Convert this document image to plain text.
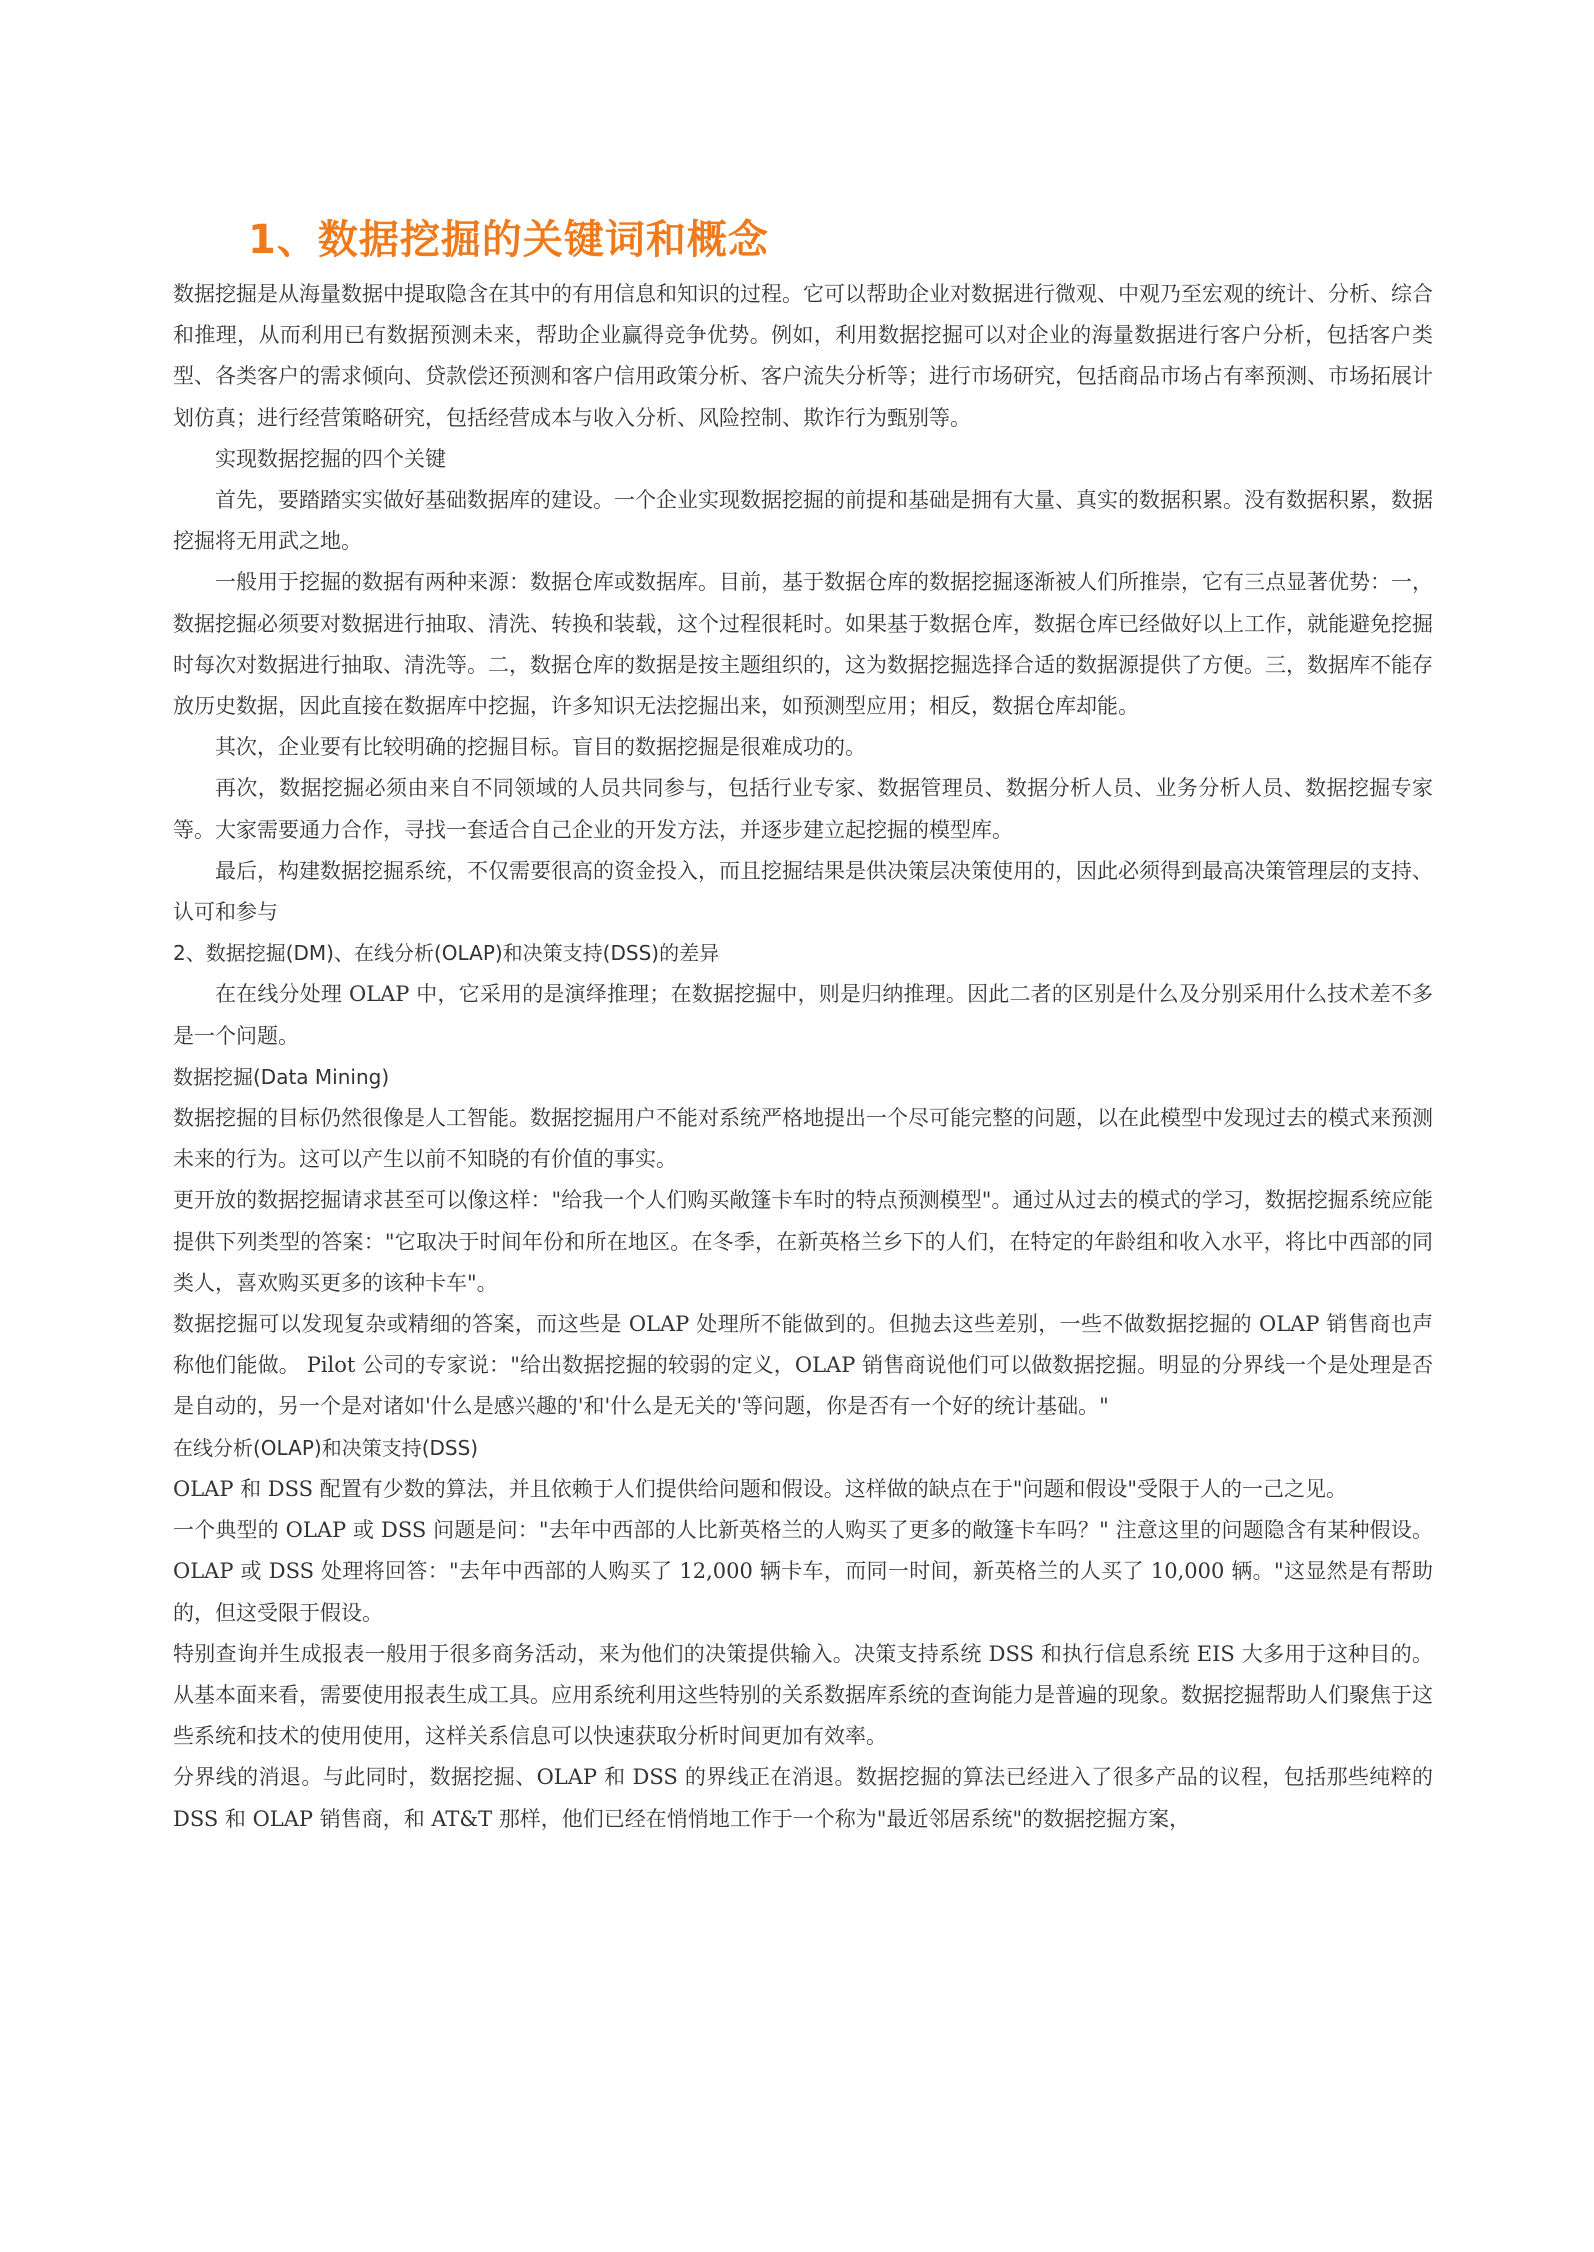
1、数据挖掘的关键词和概念

数据挖掘是从海量数据中提取隐含在其中的有用信息和知识的过程。它可以帮助企业对数据进行微观、中观乃至宏观的统计、分析、综合和推理，从而利用已有数据预测未来，帮助企业赢得竞争优势。例如，利用数据挖掘可以对企业的海量数据进行客户分析，包括客户类型、各类客户的需求倾向、贷款偿还预测和客户信用政策分析、客户流失分析等；进行市场研究，包括商品市场占有率预测、市场拓展计划仿真；进行经营策略研究，包括经营成本与收入分析、风险控制、欺诈行为甄别等。

实现数据挖掘的四个关键

首先，要踏踏实实做好基础数据库的建设。一个企业实现数据挖掘的前提和基础是拥有大量、真实的数据积累。没有数据积累，数据挖掘将无用武之地。

一般用于挖掘的数据有两种来源：数据仓库或数据库。目前，基于数据仓库的数据挖掘逐渐被人们所推崇，它有三点显著优势：一，数据挖掘必须要对数据进行抽取、清洗、转换和装载，这个过程很耗时。如果基于数据仓库，数据仓库已经做好以上工作，就能避免挖掘时每次对数据进行抽取、清洗等。二，数据仓库的数据是按主题组织的，这为数据挖掘选择合适的数据源提供了方便。三，数据库不能存放历史数据，因此直接在数据库中挖掘，许多知识无法挖掘出来，如预测型应用；相反，数据仓库却能。

其次，企业要有比较明确的挖掘目标。盲目的数据挖掘是很难成功的。

再次，数据挖掘必须由来自不同领域的人员共同参与，包括行业专家、数据管理员、数据分析人员、业务分析人员、数据挖掘专家等。大家需要通力合作，寻找一套适合自己企业的开发方法，并逐步建立起挖掘的模型库。

最后，构建数据挖掘系统，不仅需要很高的资金投入，而且挖掘结果是供决策层决策使用的，因此必须得到最高决策管理层的支持、认可和参与

2、数据挖掘(DM)、在线分析(OLAP)和决策支持(DSS)的差异

在在线分处理 OLAP 中，它采用的是演绎推理；在数据挖掘中，则是归纳推理。因此二者的区别是什么及分别采用什么技术差不多是一个问题。

数据挖掘(Data Mining)

数据挖掘的目标仍然很像是人工智能。数据挖掘用户不能对系统严格地提出一个尽可能完整的问题，以在此模型中发现过去的模式来预测未来的行为。这可以产生以前不知晓的有价值的事实。

更开放的数据挖掘请求甚至可以像这样："给我一个人们购买敞篷卡车时的特点预测模型"。通过从过去的模式的学习，数据挖掘系统应能提供下列类型的答案："它取决于时间年份和所在地区。在冬季，在新英格兰乡下的人们，在特定的年龄组和收入水平，将比中西部的同类人，喜欢购买更多的该种卡车"。

数据挖掘可以发现复杂或精细的答案，而这些是 OLAP 处理所不能做到的。但抛去这些差别，一些不做数据挖掘的 OLAP 销售商也声称他们能做。 Pilot 公司的专家说："给出数据挖掘的较弱的定义，OLAP 销售商说他们可以做数据挖掘。明显的分界线一个是处理是否是自动的，另一个是对诸如'什么是感兴趣的'和'什么是无关的'等问题，你是否有一个好的统计基础。"

在线分析(OLAP)和决策支持(DSS)

OLAP 和 DSS 配置有少数的算法，并且依赖于人们提供给问题和假设。这样做的缺点在于"问题和假设"受限于人的一己之见。

一个典型的 OLAP 或 DSS 问题是问："去年中西部的人比新英格兰的人购买了更多的敞篷卡车吗？" 注意这里的问题隐含有某种假设。OLAP 或 DSS 处理将回答："去年中西部的人购买了 12,000 辆卡车，而同一时间，新英格兰的人买了 10,000 辆。"这显然是有帮助的，但这受限于假设。

特别查询并生成报表一般用于很多商务活动，来为他们的决策提供输入。决策支持系统 DSS 和执行信息系统 EIS 大多用于这种目的。从基本面来看，需要使用报表生成工具。应用系统利用这些特别的关系数据库系统的查询能力是普遍的现象。数据挖掘帮助人们聚焦于这些系统和技术的使用使用，这样关系信息可以快速获取分析时间更加有效率。

分界线的消退。与此同时，数据挖掘、OLAP 和 DSS 的界线正在消退。数据挖掘的算法已经进入了很多产品的议程，包括那些纯粹的 DSS 和 OLAP 销售商，和 AT&T 那样，他们已经在悄悄地工作于一个称为"最近邻居系统"的数据挖掘方案，
